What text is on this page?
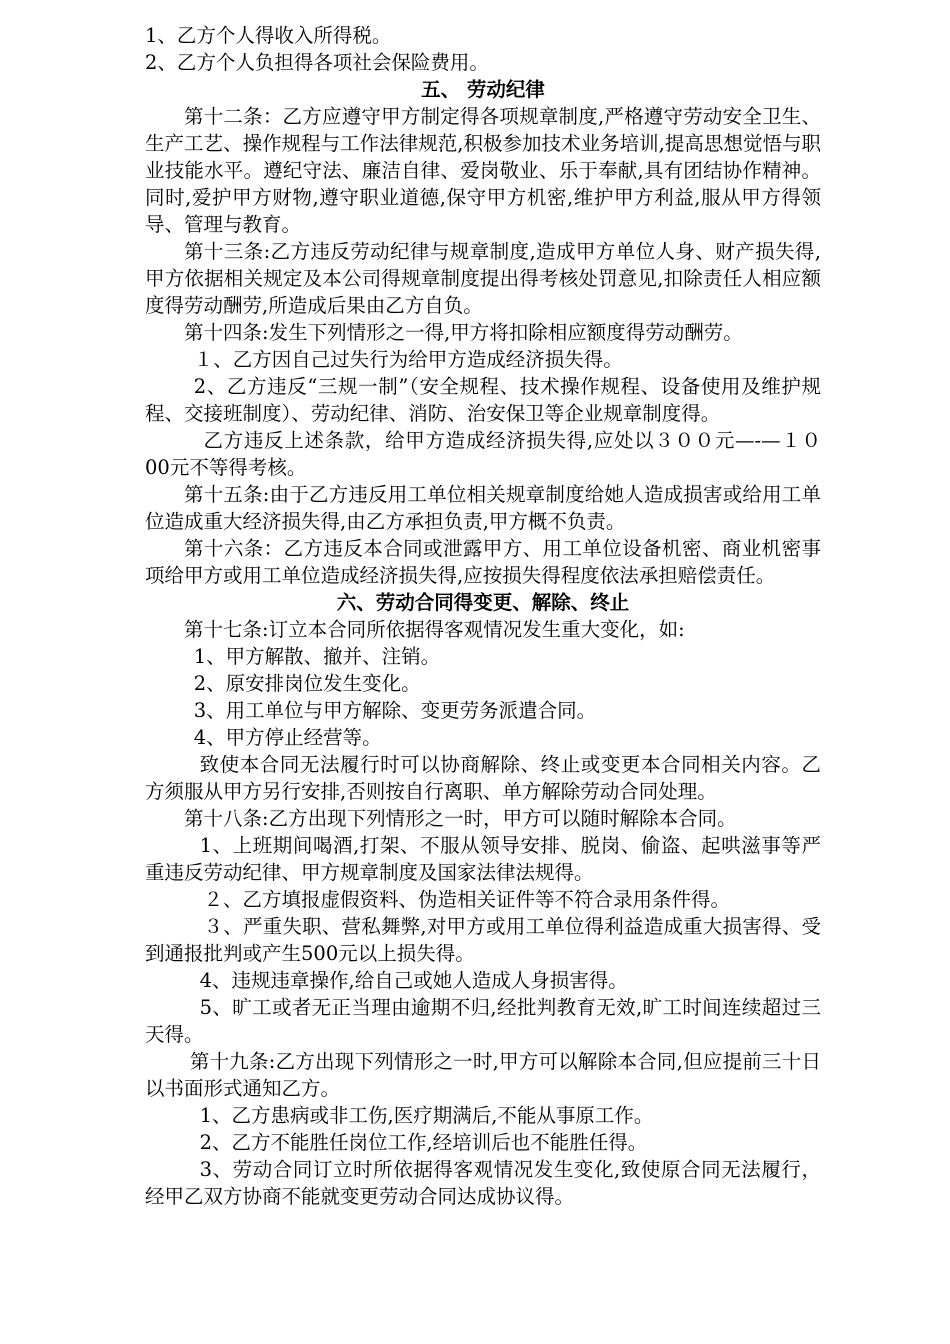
1、乙方个人得收入所得税。

2、乙方个人负担得各项社会保险费用。

五、 劳动纪律

第十二条：乙方应遵守甲方制定得各项规章制度,严格遵守劳动安全卫生、生产工艺、操作规程与工作法律规范,积极参加技术业务培训,提高思想觉悟与职业技能水平。遵纪守法、廉洁自律、爱岗敬业、乐于奉献,具有团结协作精神。同时,爱护甲方财物,遵守职业道德,保守甲方机密,维护甲方利益,服从甲方得领导、管理与教育。

第十三条:乙方违反劳动纪律与规章制度,造成甲方单位人身、财产损失得,甲方依据相关规定及本公司得规章制度提出得考核处罚意见,扣除责任人相应额度得劳动酬劳,所造成后果由乙方自负。

第十四条:发生下列情形之一得,甲方将扣除相应额度得劳动酬劳。

１、乙方因自己过失行为给甲方造成经济损失得。

2、乙方违反“三规一制”（安全规程、技术操作规程、设备使用及维护规程、交接班制度）、劳动纪律、消防、治安保卫等企业规章制度得。

乙方违反上述条款，给甲方造成经济损失得,应处以３００元—-—１０00元不等得考核。

第十五条:由于乙方违反用工单位相关规章制度给她人造成损害或给用工单位造成重大经济损失得,由乙方承担负责,甲方概不负责。

第十六条：乙方违反本合同或泄露甲方、用工单位设备机密、商业机密事项给甲方或用工单位造成经济损失得,应按损失得程度依法承担赔偿责任。

六、劳动合同得变更、解除、终止

第十七条:订立本合同所依据得客观情况发生重大变化，如:

1、甲方解散、撤并、注销。

2、原安排岗位发生变化。

3、用工单位与甲方解除、变更劳务派遣合同。

4、甲方停止经营等。

致使本合同无法履行时可以协商解除、终止或变更本合同相关内容。乙方须服从甲方另行安排,否则按自行离职、单方解除劳动合同处理。

第十八条:乙方出现下列情形之一时，甲方可以随时解除本合同。

1、上班期间喝酒,打架、不服从领导安排、脱岗、偷盗、起哄滋事等严重违反劳动纪律、甲方规章制度及国家法律法规得。

２、乙方填报虚假资料、伪造相关证件等不符合录用条件得。

３、严重失职、营私舞弊,对甲方或用工单位得利益造成重大损害得、受到通报批判或产生500元以上损失得。

4、违规违章操作,给自己或她人造成人身损害得。

5、旷工或者无正当理由逾期不归,经批判教育无效,旷工时间连续超过三天得。

第十九条:乙方出现下列情形之一时,甲方可以解除本合同,但应提前三十日以书面形式通知乙方。

1、乙方患病或非工伤,医疗期满后,不能从事原工作。

2、乙方不能胜任岗位工作,经培训后也不能胜任得。

3、劳动合同订立时所依据得客观情况发生变化,致使原合同无法履行，经甲乙双方协商不能就变更劳动合同达成协议得。
